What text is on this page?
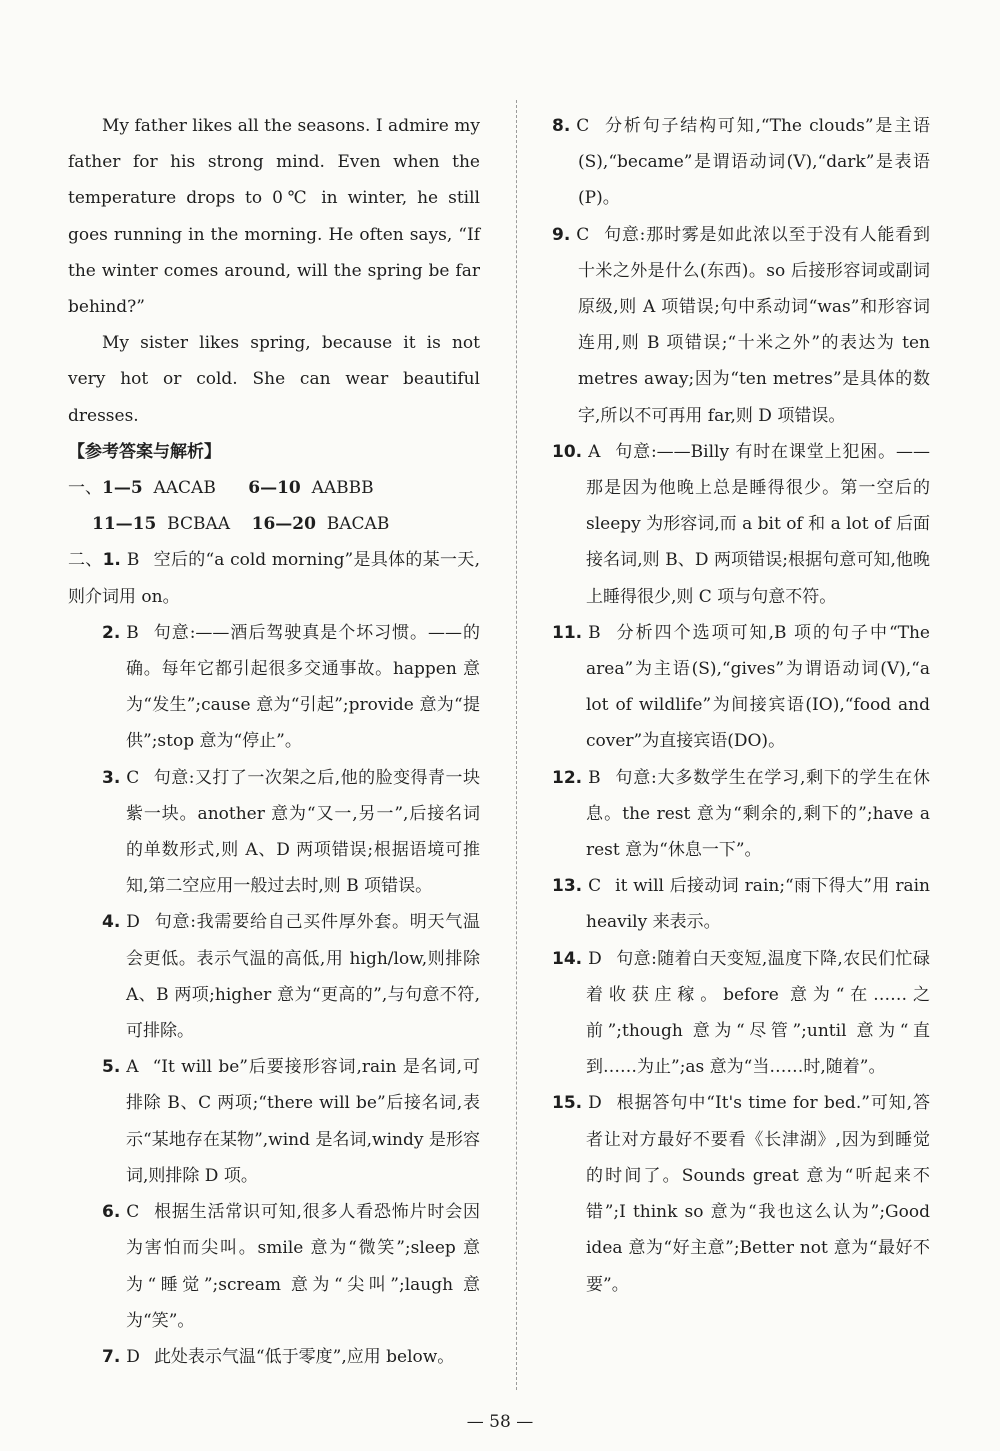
My father likes all the seasons. I admire my father for his strong mind. Even when the temperature drops to 0℃ in winter, he still goes running in the morning. He often says, “If the winter comes around, will the spring be far behind?”

My sister likes spring, because it is not very hot or cold. She can wear beautiful dresses.

【参考答案与解析】

一、1—5 AACAB 6—10 AABBB

11—15 BCBAA 16—20 BACAB

二、1. B 空后的“a cold morning”是具体的某一天,则介词用 on。

2. B 句意:——酒后驾驶真是个坏习惯。——的确。每年它都引起很多交通事故。happen 意为“发生”;cause 意为“引起”;provide 意为“提供”;stop 意为“停止”。

3. C 句意:又打了一次架之后,他的脸变得青一块紫一块。another 意为“又一,另一”,后接名词的单数形式,则 A、D 两项错误;根据语境可推知,第二空应用一般过去时,则 B 项错误。

4. D 句意:我需要给自己买件厚外套。明天气温会更低。表示气温的高低,用 high/low,则排除 A、B 两项;higher 意为“更高的”,与句意不符,可排除。

5. A “It will be”后要接形容词,rain 是名词,可排除 B、C 两项;“there will be”后接名词,表示“某地存在某物”,wind 是名词,windy 是形容词,则排除 D 项。

6. C 根据生活常识可知,很多人看恐怖片时会因为害怕而尖叫。smile 意为“微笑”;sleep 意为“睡觉”;scream 意为“尖叫”;laugh 意为“笑”。

7. D 此处表示气温“低于零度”,应用 below。

8. C 分析句子结构可知,“The clouds”是主语(S),“became”是谓语动词(V),“dark”是表语(P)。

9. C 句意:那时雾是如此浓以至于没有人能看到十米之外是什么(东西)。so 后接形容词或副词原级,则 A 项错误;句中系动词“was”和形容词连用,则 B 项错误;“十米之外”的表达为 ten metres away;因为“ten metres”是具体的数字,所以不可再用 far,则 D 项错误。

10. A 句意:——Billy 有时在课堂上犯困。——那是因为他晚上总是睡得很少。第一空后的 sleepy 为形容词,而 a bit of 和 a lot of 后面接名词,则 B、D 两项错误;根据句意可知,他晚上睡得很少,则 C 项与句意不符。

11. B 分析四个选项可知,B 项的句子中“The area”为主语(S),“gives”为谓语动词(V),“a lot of wildlife”为间接宾语(IO),“food and cover”为直接宾语(DO)。

12. B 句意:大多数学生在学习,剩下的学生在休息。the rest 意为“剩余的,剩下的”;have a rest 意为“休息一下”。

13. C it will 后接动词 rain;“雨下得大”用 rain heavily 来表示。

14. D 句意:随着白天变短,温度下降,农民们忙碌着收获庄稼。before 意为“在……之前”;though 意为“尽管”;until 意为“直到……为止”;as 意为“当……时,随着”。

15. D 根据答句中“It's time for bed.”可知,答者让对方最好不要看《长津湖》,因为到睡觉的时间了。Sounds great 意为“听起来不错”;I think so 意为“我也这么认为”;Good idea 意为“好主意”;Better not 意为“最好不要”。

— 58 —
